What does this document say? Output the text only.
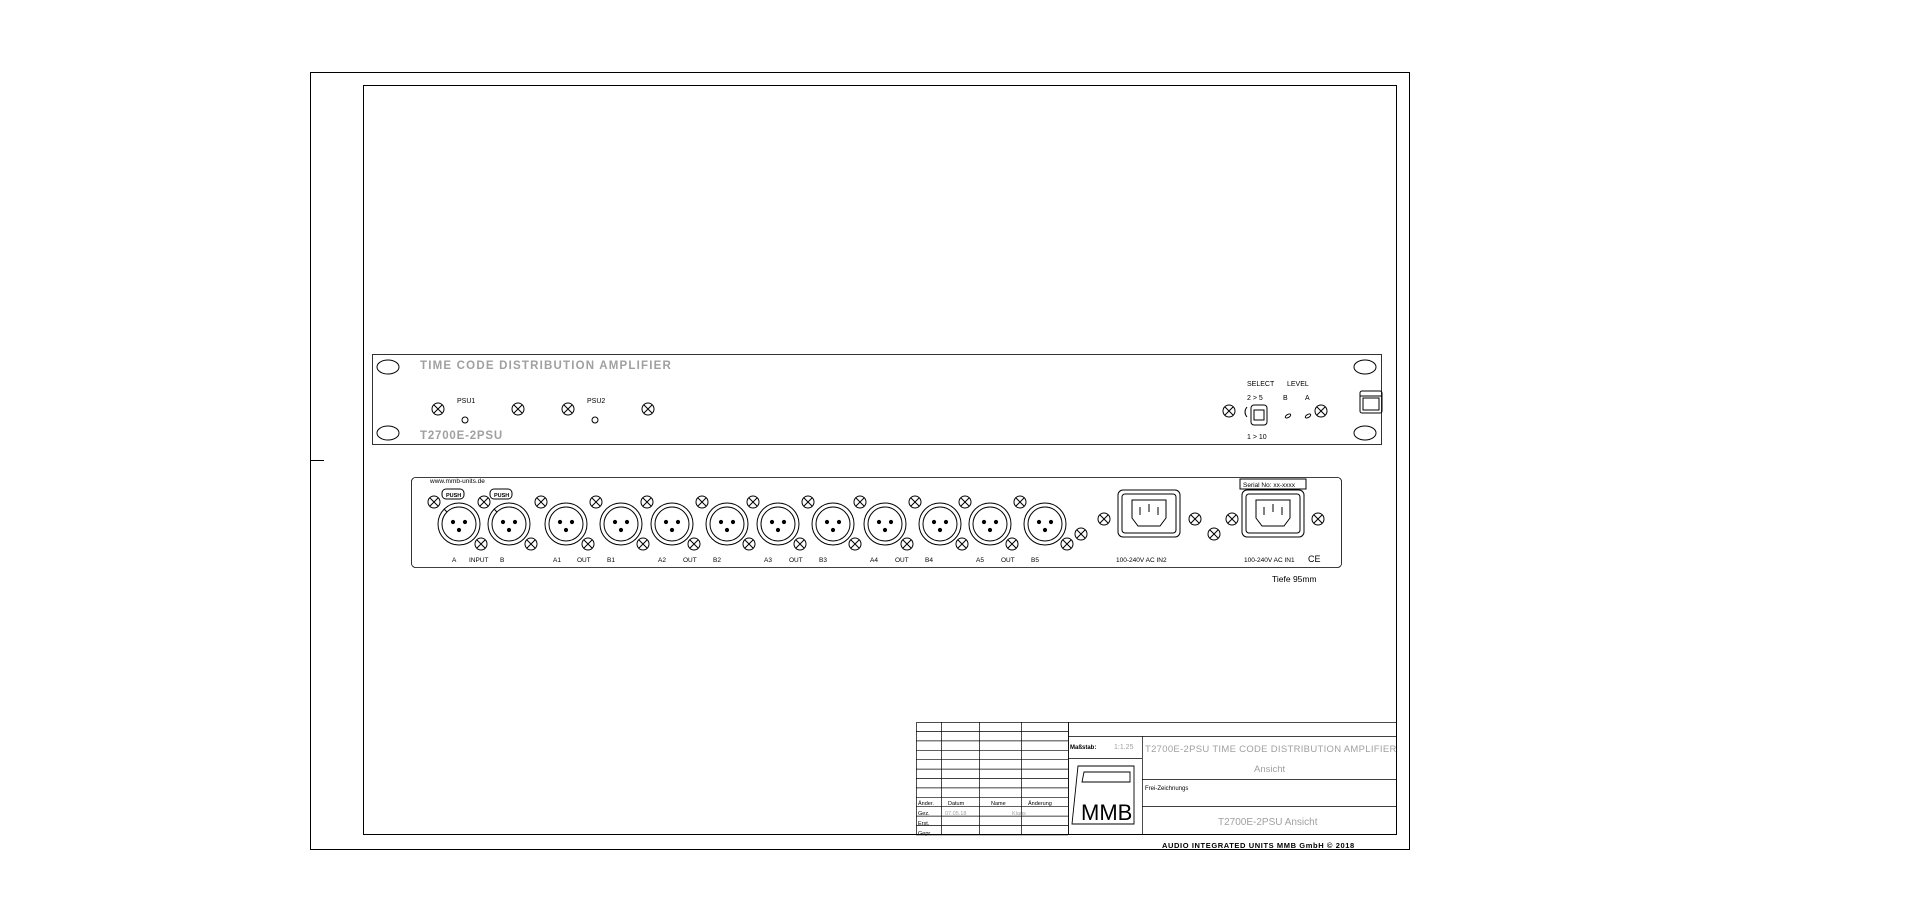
TIME CODE DISTRIBUTION AMPLIFIER
T2700E-2PSU
PSU1	PSU2
SELECT LEVEL
2 > 5	B A
1 > 10
www.mmb-units.de
PUSH	PUSH
A INPUT B	A1 OUT	B1	A2	OUT	B2	A3	OUT	B3	A4	OUT	B4	A5	OUT	B5	100-240V AC IN2	100-240V AC IN1 CE
Serial No: xx-xxxx
Tiefe 95mm
Änder.	Datum	Name	Änderung
Gez.	07.05.18	Klaus
Erst.
Gepr.
Maßstab:	1:1.25 T2700E-2PSU TIME CODE DISTRIBUTION AMPLIFIER
Ansicht
Frei-Zeichnungs
T2700E-2PSU Ansicht
MMB
AUDIO INTEGRATED UNITS MMB GmbH © 2018
